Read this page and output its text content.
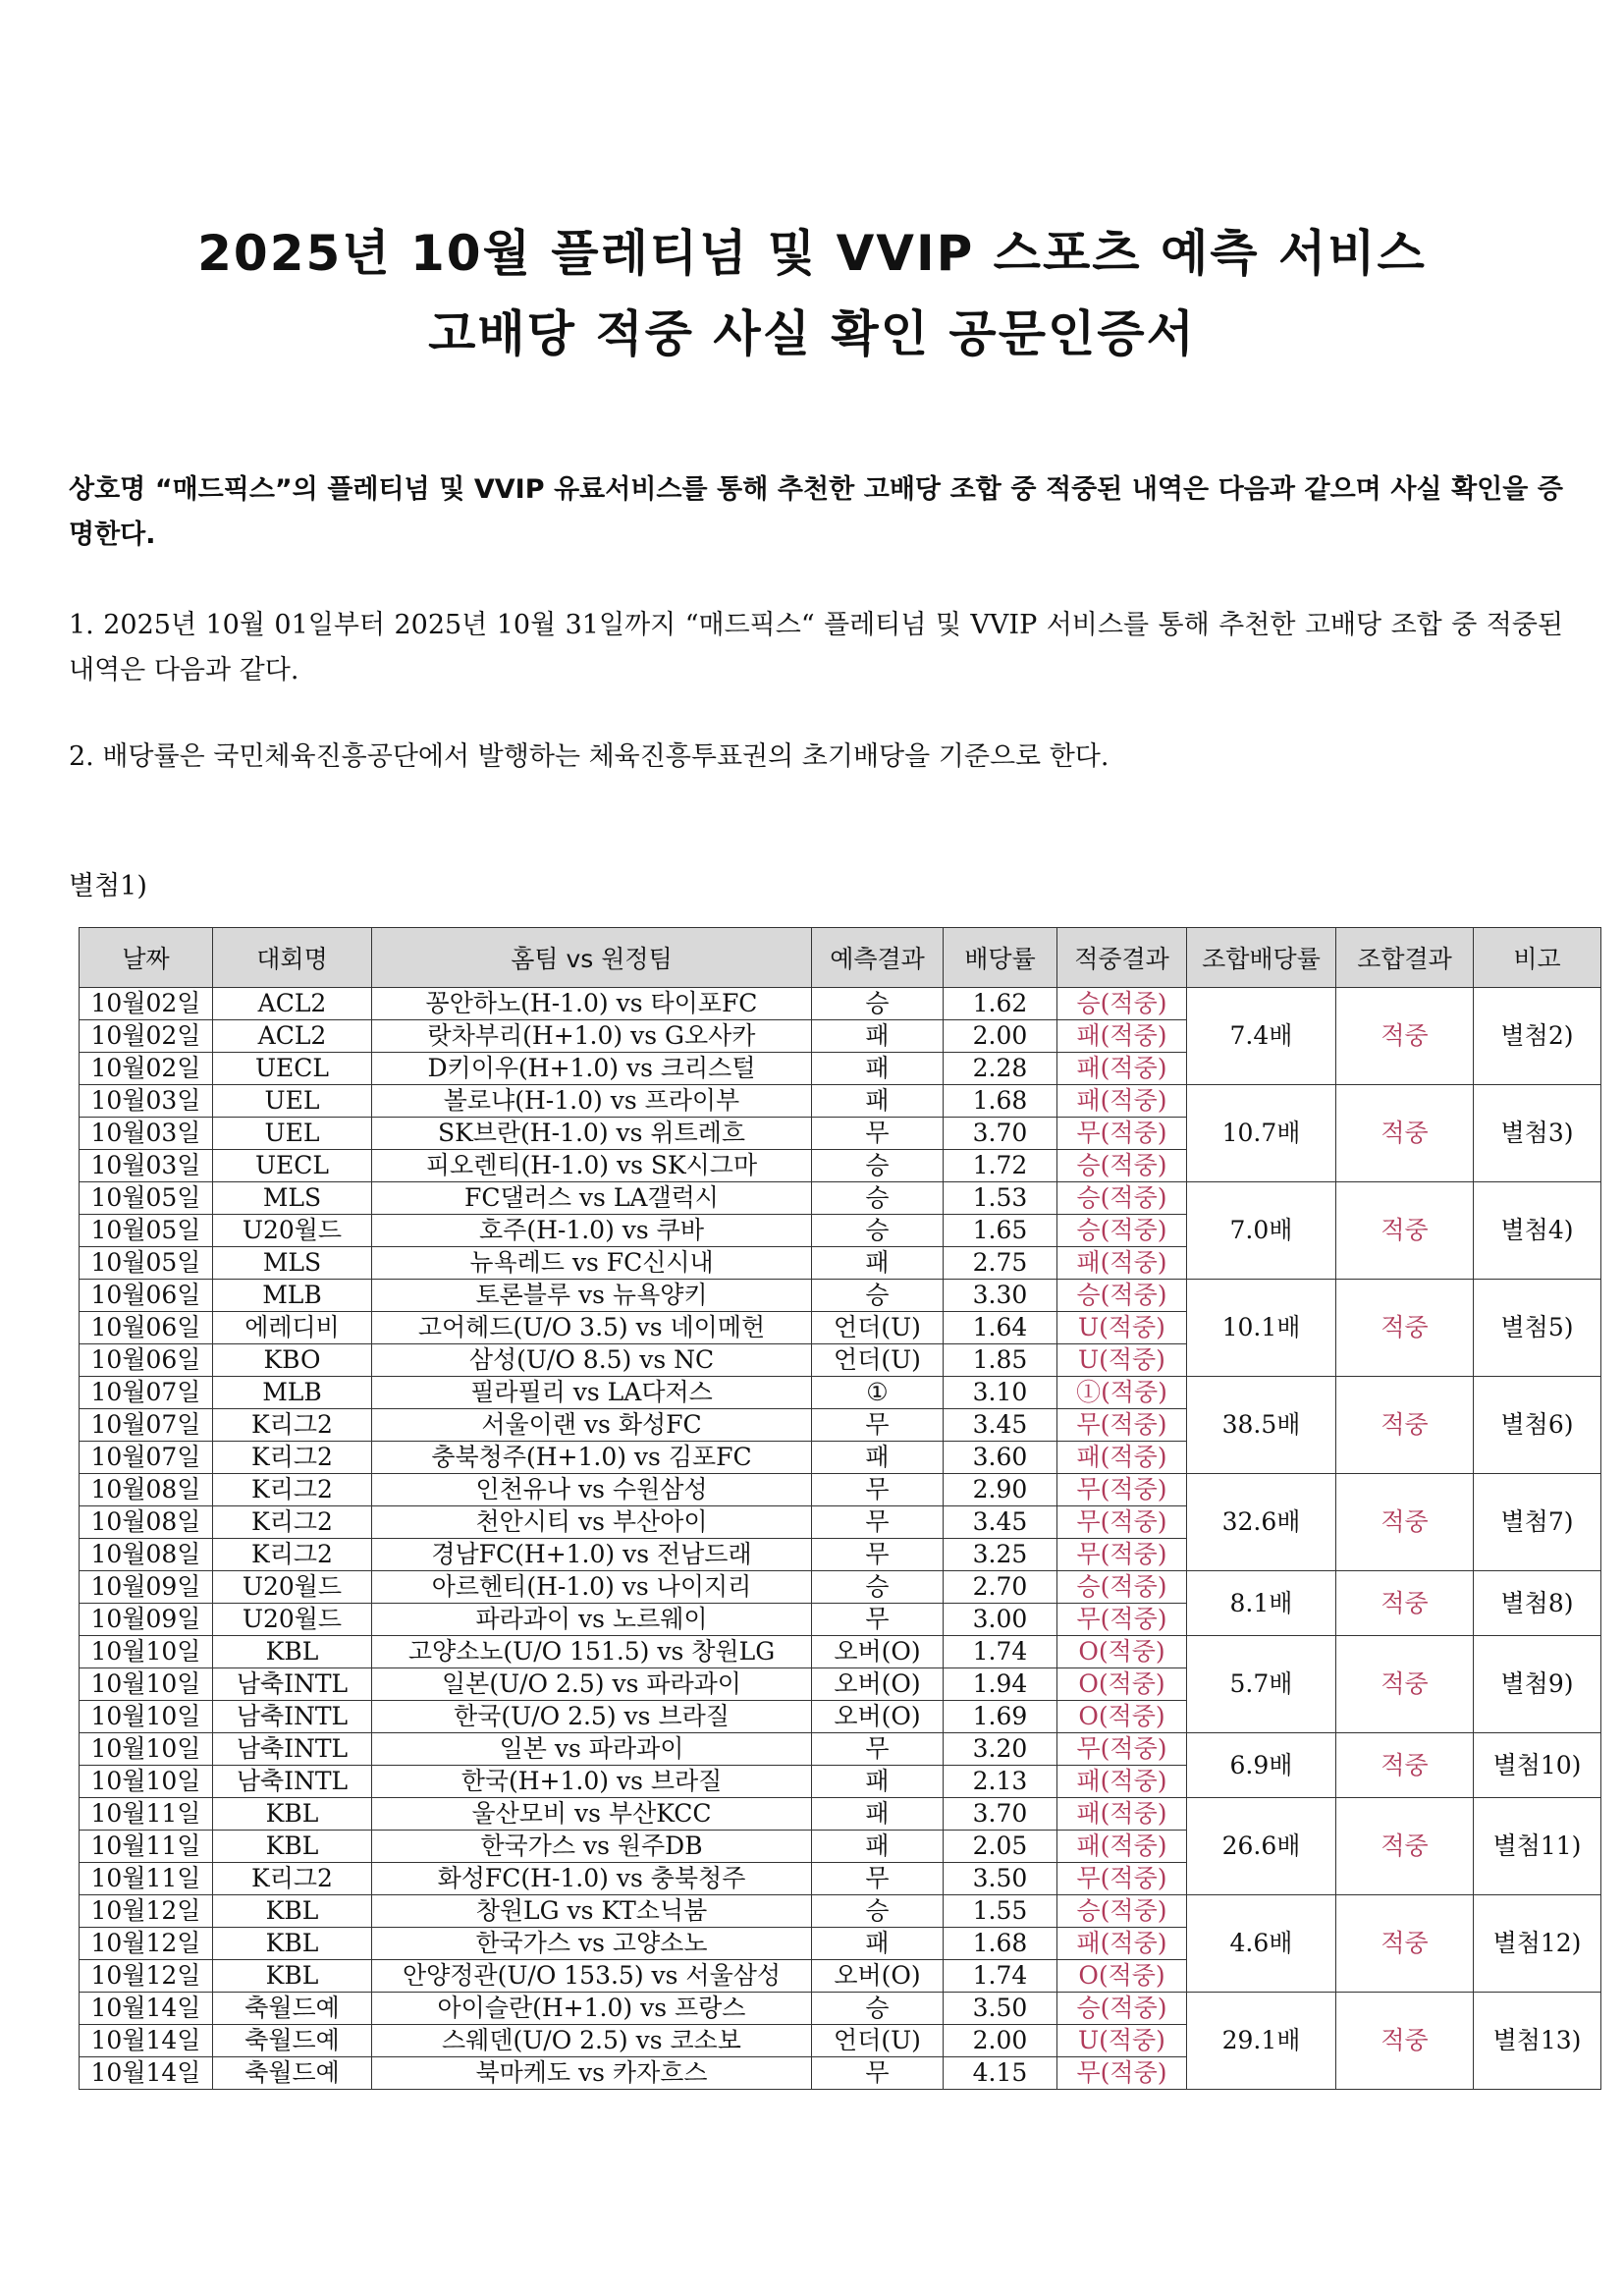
2025년 10월 플레티넘 및 VVIP 스포츠 예측 서비스
고배당 적중 사실 확인 공문인증서
상호명 “매드픽스”의 플레티넘 및 VVIP 유료서비스를 통해 추천한 고배당 조합 중 적중된 내역은 다음과 같으며 사실 확인을 증명한다.
1. 2025년 10월 01일부터 2025년 10월 31일까지 “매드픽스“ 플레티넘 및 VVIP 서비스를 통해 추천한 고배당 조합 중 적중된 내역은 다음과 같다.
2. 배당률은 국민체육진흥공단에서 발행하는 체육진흥투표권의 초기배당을 기준으로 한다.
별첨1)
날짜	대회명	홈팀 vs 원정팀	예측결과	배당률	적중결과	조합배당률	조합결과	비고
10월02일	ACL2	꽁안하노(H-1.0) vs 타이포FC	승	1.62	승(적중)	7.4배	적중	별첨2)
10월02일	ACL2	랏차부리(H+1.0) vs G오사카	패	2.00	패(적중)			
10월02일	UECL	D키이우(H+1.0) vs 크리스털	패	2.28	패(적중)			
10월03일	UEL	볼로냐(H-1.0) vs 프라이부	패	1.68	패(적중)	10.7배	적중	별첨3)
10월03일	UEL	SK브란(H-1.0) vs 위트레흐	무	3.70	무(적중)			
10월03일	UECL	피오렌티(H-1.0) vs SK시그마	승	1.72	승(적중)			
10월05일	MLS	FC댈러스 vs LA갤럭시	승	1.53	승(적중)	7.0배	적중	별첨4)
10월05일	U20월드	호주(H-1.0) vs 쿠바	승	1.65	승(적중)			
10월05일	MLS	뉴욕레드 vs FC신시내	패	2.75	패(적중)			
10월06일	MLB	토론블루 vs 뉴욕양키	승	3.30	승(적중)	10.1배	적중	별첨5)
10월06일	에레디비	고어헤드(U/O 3.5) vs 네이메헌	언더(U)	1.64	U(적중)			
10월06일	KBO	삼성(U/O 8.5) vs NC	언더(U)	1.85	U(적중)			
10월07일	MLB	필라필리 vs LA다저스	①	3.10	①(적중)	38.5배	적중	별첨6)
10월07일	K리그2	서울이랜 vs 화성FC	무	3.45	무(적중)			
10월07일	K리그2	충북청주(H+1.0) vs 김포FC	패	3.60	패(적중)			
10월08일	K리그2	인천유나 vs 수원삼성	무	2.90	무(적중)	32.6배	적중	별첨7)
10월08일	K리그2	천안시티 vs 부산아이	무	3.45	무(적중)			
10월08일	K리그2	경남FC(H+1.0) vs 전남드래	무	3.25	무(적중)			
10월09일	U20월드	아르헨티(H-1.0) vs 나이지리	승	2.70	승(적중)	8.1배	적중	별첨8)
10월09일	U20월드	파라과이 vs 노르웨이	무	3.00	무(적중)			
10월10일	KBL	고양소노(U/O 151.5) vs 창원LG	오버(O)	1.74	O(적중)	5.7배	적중	별첨9)
10월10일	남축INTL	일본(U/O 2.5) vs 파라과이	오버(O)	1.94	O(적중)			
10월10일	남축INTL	한국(U/O 2.5) vs 브라질	오버(O)	1.69	O(적중)			
10월10일	남축INTL	일본 vs 파라과이	무	3.20	무(적중)	6.9배	적중	별첨10)
10월10일	남축INTL	한국(H+1.0) vs 브라질	패	2.13	패(적중)			
10월11일	KBL	울산모비 vs 부산KCC	패	3.70	패(적중)	26.6배	적중	별첨11)
10월11일	KBL	한국가스 vs 원주DB	패	2.05	패(적중)			
10월11일	K리그2	화성FC(H-1.0) vs 충북청주	무	3.50	무(적중)			
10월12일	KBL	창원LG vs KT소닉붐	승	1.55	승(적중)	4.6배	적중	별첨12)
10월12일	KBL	한국가스 vs 고양소노	패	1.68	패(적중)			
10월12일	KBL	안양정관(U/O 153.5) vs 서울삼성	오버(O)	1.74	O(적중)			
10월14일	축월드예	아이슬란(H+1.0) vs 프랑스	승	3.50	승(적중)	29.1배	적중	별첨13)
10월14일	축월드예	스웨덴(U/O 2.5) vs 코소보	언더(U)	2.00	U(적중)			
10월14일	축월드예	북마케도 vs 카자흐스	무	4.15	무(적중)			
